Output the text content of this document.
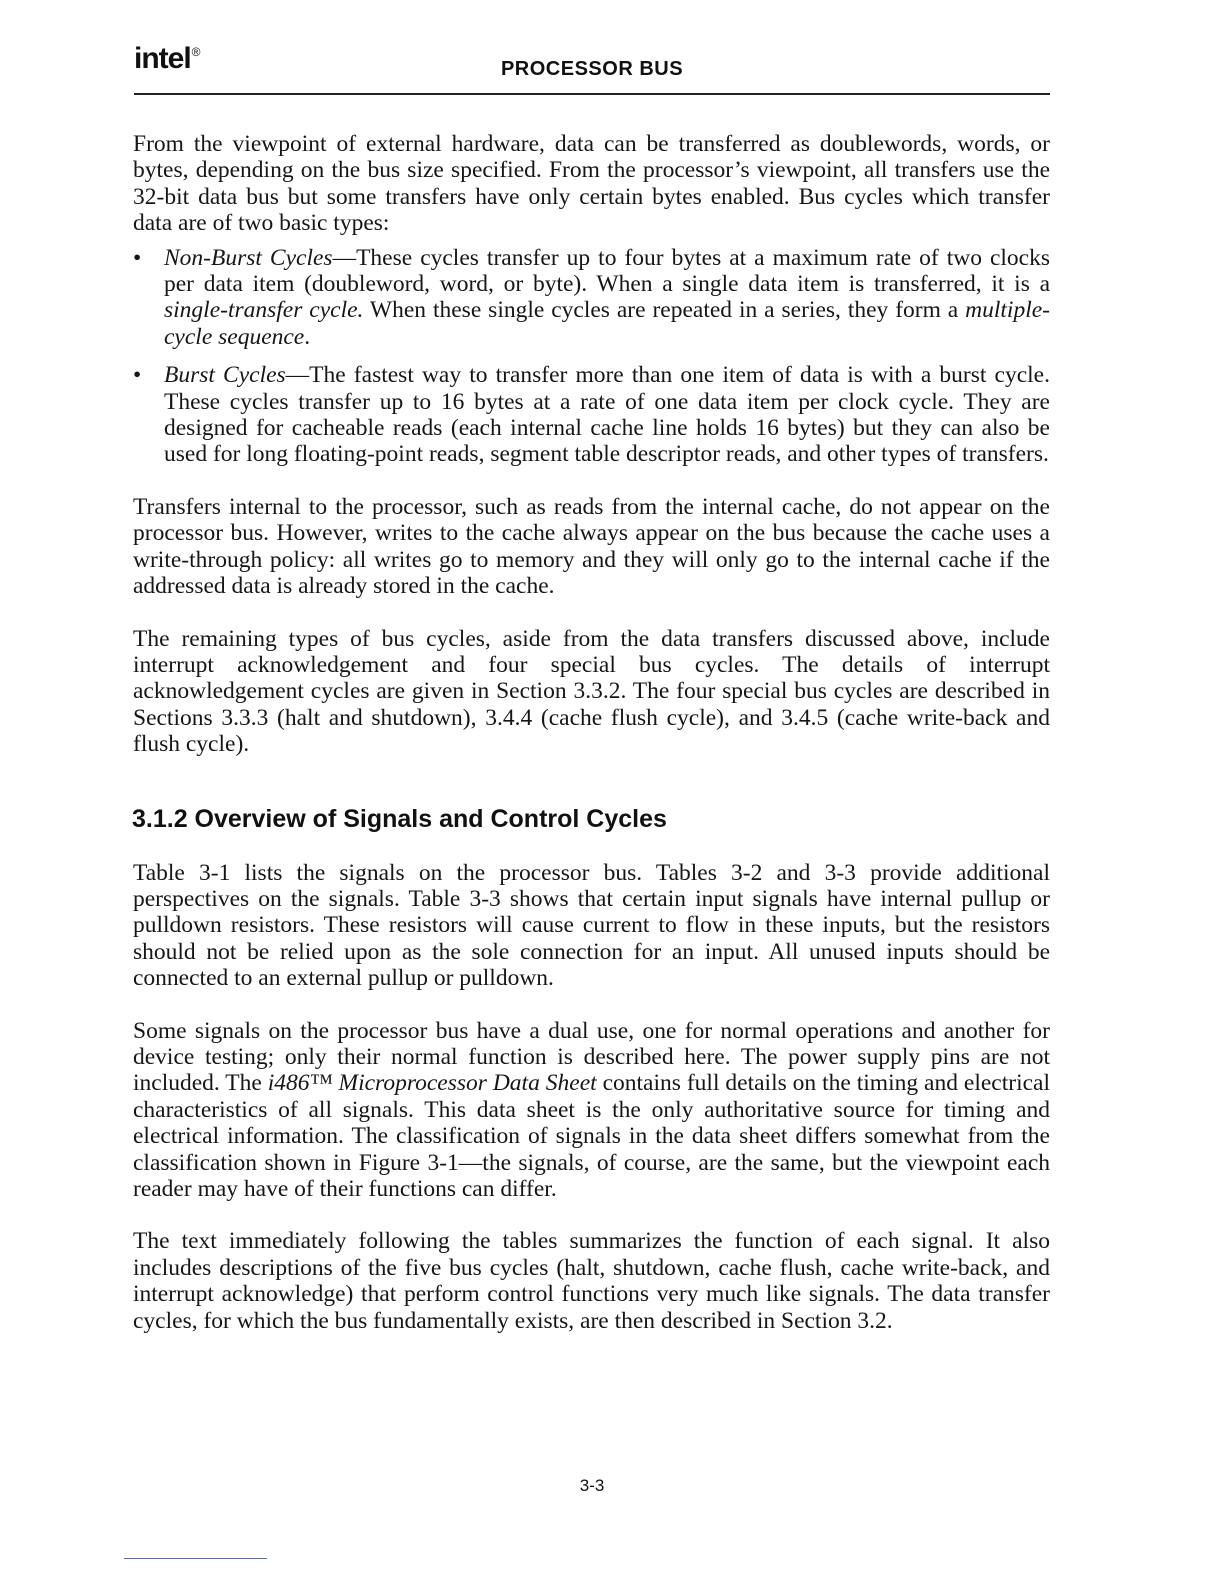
intel®
PROCESSOR BUS

From the viewpoint of external hardware, data can be transferred as doublewords, words, or bytes, depending on the bus size specified. From the processor’s viewpoint, all transfers use the 32-bit data bus but some transfers have only certain bytes enabled. Bus cycles which transfer data are of two basic types:

• Non-Burst Cycles—These cycles transfer up to four bytes at a maximum rate of two clocks per data item (doubleword, word, or byte). When a single data item is transferred, it is a single-transfer cycle. When these single cycles are repeated in a series, they form a multiple-cycle sequence.
• Burst Cycles—The fastest way to transfer more than one item of data is with a burst cycle. These cycles transfer up to 16 bytes at a rate of one data item per clock cycle. They are designed for cacheable reads (each internal cache line holds 16 bytes) but they can also be used for long floating-point reads, segment table descriptor reads, and other types of transfers.

Transfers internal to the processor, such as reads from the internal cache, do not appear on the processor bus. However, writes to the cache always appear on the bus because the cache uses a write-through policy: all writes go to memory and they will only go to the internal cache if the addressed data is already stored in the cache.

The remaining types of bus cycles, aside from the data transfers discussed above, include interrupt acknowledgement and four special bus cycles. The details of interrupt acknowledgement cycles are given in Section 3.3.2. The four special bus cycles are described in Sections 3.3.3 (halt and shutdown), 3.4.4 (cache flush cycle), and 3.4.5 (cache write-back and flush cycle).

3.1.2 Overview of Signals and Control Cycles

Table 3-1 lists the signals on the processor bus. Tables 3-2 and 3-3 provide additional perspectives on the signals. Table 3-3 shows that certain input signals have internal pullup or pulldown resistors. These resistors will cause current to flow in these inputs, but the resistors should not be relied upon as the sole connection for an input. All unused inputs should be connected to an external pullup or pulldown.

Some signals on the processor bus have a dual use, one for normal operations and another for device testing; only their normal function is described here. The power supply pins are not included. The i486™ Microprocessor Data Sheet contains full details on the timing and electrical characteristics of all signals. This data sheet is the only authoritative source for timing and electrical information. The classification of signals in the data sheet differs somewhat from the classification shown in Figure 3-1—the signals, of course, are the same, but the viewpoint each reader may have of their functions can differ.

The text immediately following the tables summarizes the function of each signal. It also includes descriptions of the five bus cycles (halt, shutdown, cache flush, cache write-back, and interrupt acknowledge) that perform control functions very much like signals. The data transfer cycles, for which the bus fundamentally exists, are then described in Section 3.2.

3-3
